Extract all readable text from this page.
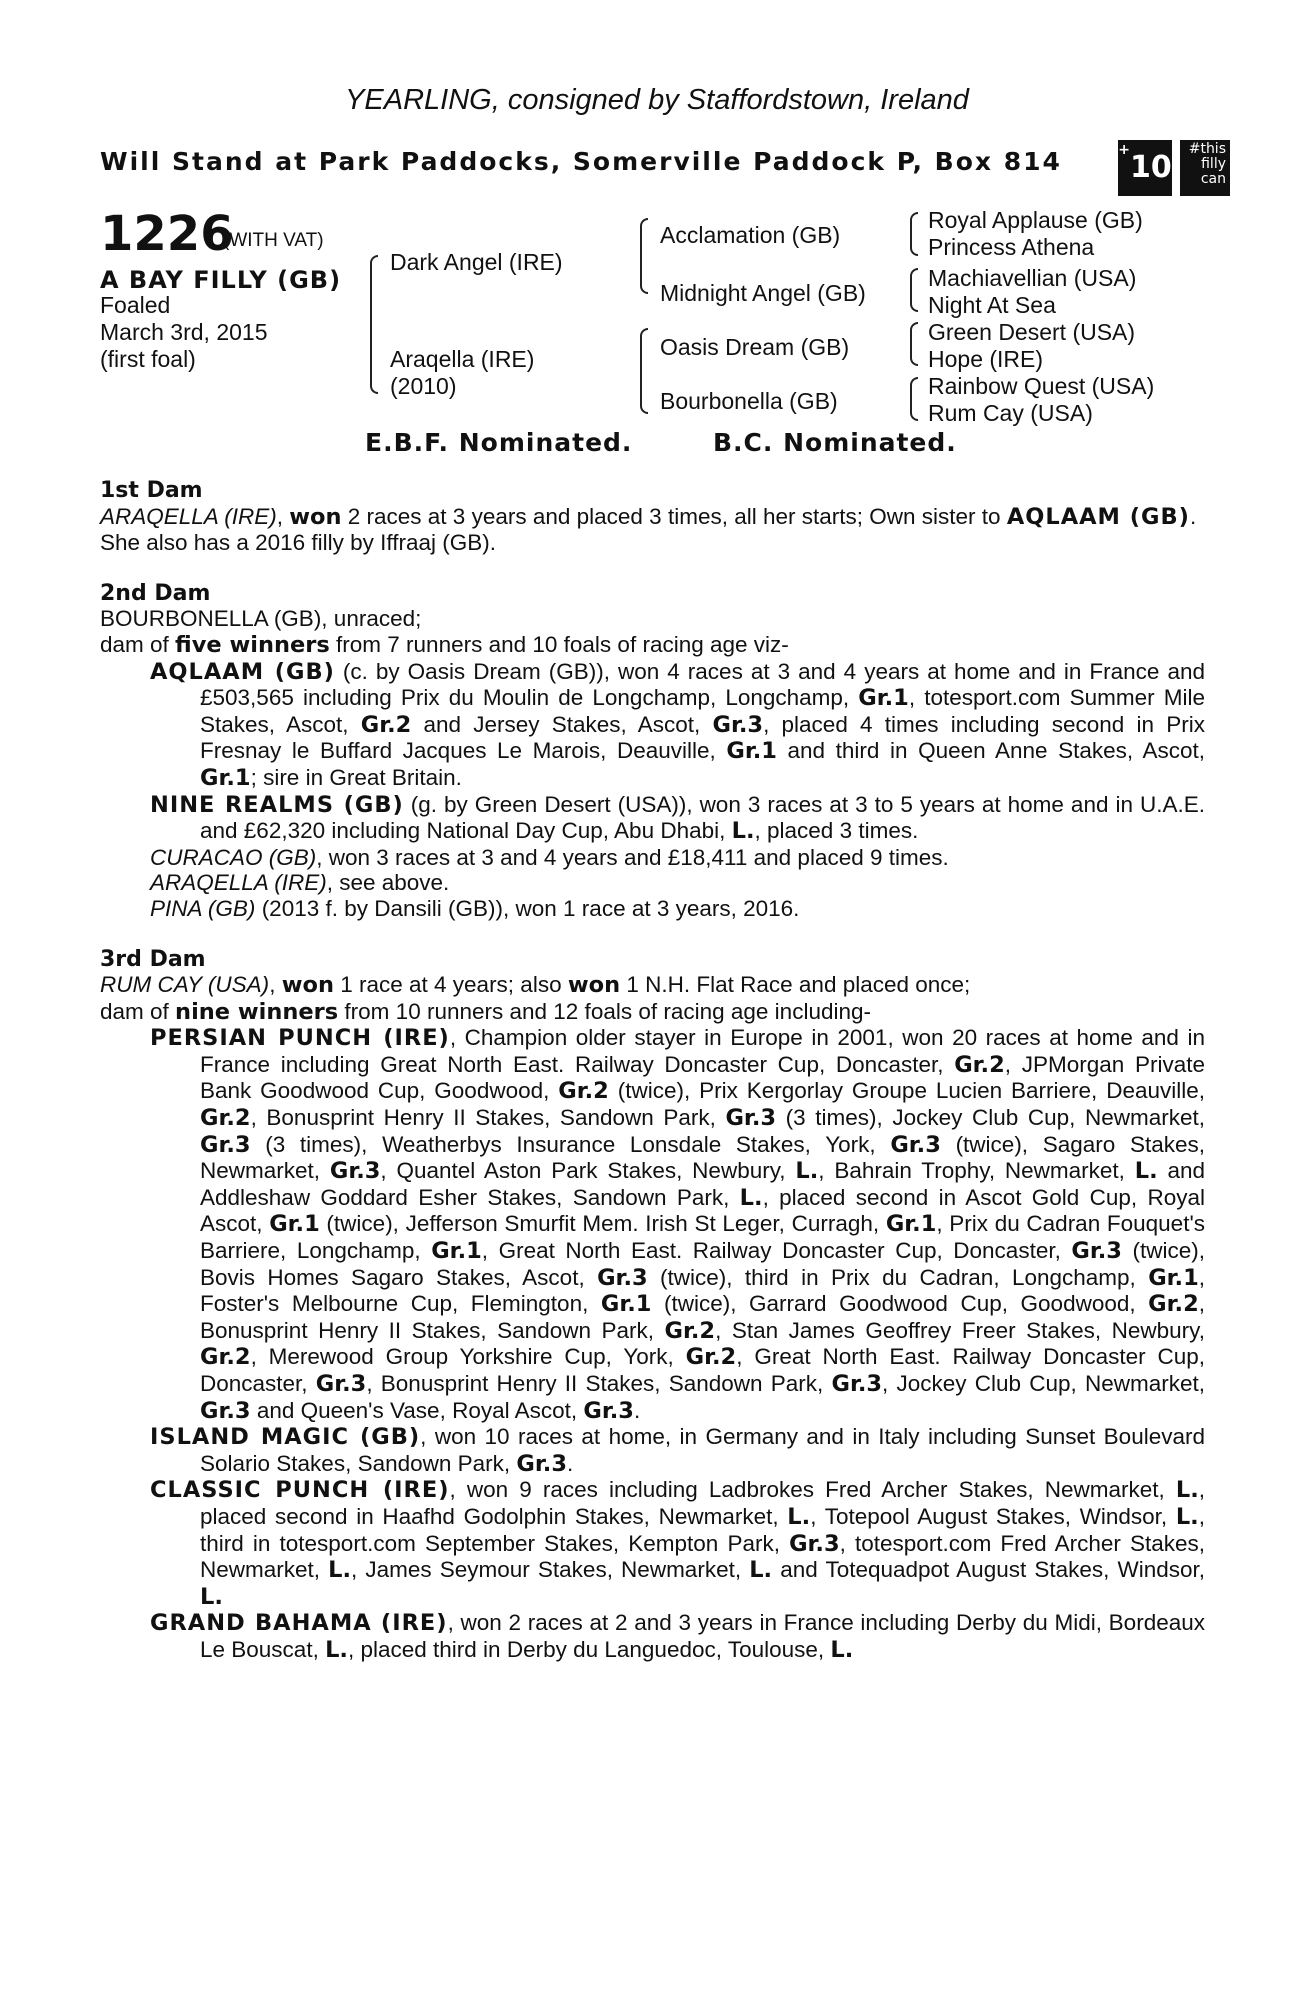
YEARLING, consigned by Staffordstown, Ireland
Will Stand at Park Paddocks, Somerville Paddock P, Box 814	+10
#this
filly
can
1226
(WITH VAT)
A BAY FILLY (GB)
Foaled
March 3rd, 2015
(first foal)
Dark Angel (IRE)
Araqella (IRE)
(2010)
Acclamation (GB)
Midnight Angel (GB)
Oasis Dream (GB)
Bourbonella (GB)
Royal Applause (GB)
Princess Athena
Machiavellian (USA)
Night At Sea
Green Desert (USA)
Hope (IRE)
Rainbow Quest (USA)
Rum Cay (USA)
E.B.F. Nominated.	B.C. Nominated.

1st Dam

ARAQELLA (IRE), won 2 races at 3 years and placed 3 times, all her starts; Own sister to AQLAAM (GB).

She also has a 2016 filly by Iffraaj (GB).

2nd Dam

BOURBONELLA (GB), unraced;

dam of five winners from 7 runners and 10 foals of racing age viz-

AQLAAM (GB) (c. by Oasis Dream (GB)), won 4 races at 3 and 4 years at home and in France and £503,565 including Prix du Moulin de Longchamp, Longchamp, Gr.1, totesport.com Summer Mile Stakes, Ascot, Gr.2 and Jersey Stakes, Ascot, Gr.3, placed 4 times including second in Prix Fresnay le Buffard Jacques Le Marois, Deauville, Gr.1 and third in Queen Anne Stakes, Ascot, Gr.1; sire in Great Britain.

NINE REALMS (GB) (g. by Green Desert (USA)), won 3 races at 3 to 5 years at home and in U.A.E. and £62,320 including National Day Cup, Abu Dhabi, L., placed 3 times.

CURACAO (GB), won 3 races at 3 and 4 years and £18,411 and placed 9 times.

ARAQELLA (IRE), see above.

PINA (GB) (2013 f. by Dansili (GB)), won 1 race at 3 years, 2016.

3rd Dam

RUM CAY (USA), won 1 race at 4 years; also won 1 N.H. Flat Race and placed once;

dam of nine winners from 10 runners and 12 foals of racing age including-

PERSIAN PUNCH (IRE), Champion older stayer in Europe in 2001, won 20 races at home and in France including Great North East. Railway Doncaster Cup, Doncaster, Gr.2, JPMorgan Private Bank Goodwood Cup, Goodwood, Gr.2 (twice), Prix Kergorlay Groupe Lucien Barriere, Deauville, Gr.2, Bonusprint Henry II Stakes, Sandown Park, Gr.3 (3 times), Jockey Club Cup, Newmarket, Gr.3 (3 times), Weatherbys Insurance Lonsdale Stakes, York, Gr.3 (twice), Sagaro Stakes, Newmarket, Gr.3, Quantel Aston Park Stakes, Newbury, L., Bahrain Trophy, Newmarket, L. and Addleshaw Goddard Esher Stakes, Sandown Park, L., placed second in Ascot Gold Cup, Royal Ascot, Gr.1 (twice), Jefferson Smurfit Mem. Irish St Leger, Curragh, Gr.1, Prix du Cadran Fouquet's Barriere, Longchamp, Gr.1, Great North East. Railway Doncaster Cup, Doncaster, Gr.3 (twice), Bovis Homes Sagaro Stakes, Ascot, Gr.3 (twice), third in Prix du Cadran, Longchamp, Gr.1, Foster's Melbourne Cup, Flemington, Gr.1 (twice), Garrard Goodwood Cup, Goodwood, Gr.2, Bonusprint Henry II Stakes, Sandown Park, Gr.2, Stan James Geoffrey Freer Stakes, Newbury, Gr.2, Merewood Group Yorkshire Cup, York, Gr.2, Great North East. Railway Doncaster Cup, Doncaster, Gr.3, Bonusprint Henry II Stakes, Sandown Park, Gr.3, Jockey Club Cup, Newmarket, Gr.3 and Queen's Vase, Royal Ascot, Gr.3.

ISLAND MAGIC (GB), won 10 races at home, in Germany and in Italy including Sunset Boulevard Solario Stakes, Sandown Park, Gr.3.

CLASSIC PUNCH (IRE), won 9 races including Ladbrokes Fred Archer Stakes, Newmarket, L., placed second in Haafhd Godolphin Stakes, Newmarket, L., Totepool August Stakes, Windsor, L., third in totesport.com September Stakes, Kempton Park, Gr.3, totesport.com Fred Archer Stakes, Newmarket, L., James Seymour Stakes, Newmarket, L. and Totequadpot August Stakes, Windsor, L.

GRAND BAHAMA (IRE), won 2 races at 2 and 3 years in France including Derby du Midi, Bordeaux Le Bouscat, L., placed third in Derby du Languedoc, Toulouse, L.
